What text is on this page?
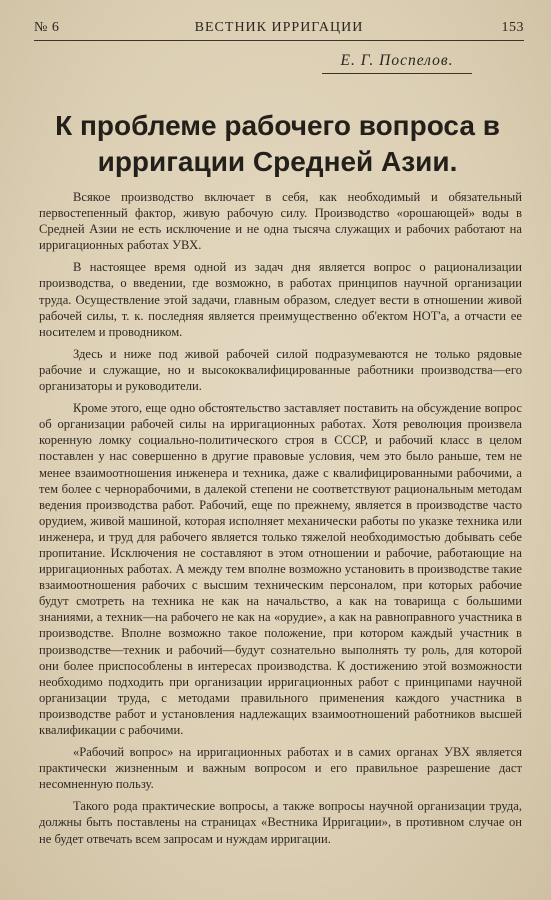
ВЕСТНИК ИРРИГАЦИИ
№ 6	153
Е. Г. Поспелов.
К проблеме рабочего вопроса в ирригации Средней Азии.

Всякое производство включает в себя, как необходимый и обязательный первостепенный фактор, живую рабочую силу. Производство «орошающей» воды в Средней Азии не есть исключение и не одна тысяча служащих и рабочих работают на ирригационных работах УВХ.

В настоящее время одной из задач дня является вопрос о рационализации производства, о введении, где возможно, в работах принципов научной организации труда. Осуществление этой задачи, главным образом, следует вести в отношении живой рабочей силы, т. к. последняя является преимущественно об'ектом НОТ'а, а отчасти ее носителем и проводником.

Здесь и ниже под живой рабочей силой подразумеваются не только рядовые рабочие и служащие, но и высококвалифицированные работники производства—его организаторы и руководители.

Кроме этого, еще одно обстоятельство заставляет поставить на обсуждение вопрос об организации рабочей силы на ирригационных работах. Хотя революция произвела коренную ломку социально-политического строя в СССР, и рабочий класс в целом поставлен у нас совершенно в другие правовые условия, чем это было раньше, тем не менее взаимоотношения инженера и техника, даже с квалифицированными рабочими, а тем более с чернорабочими, в далекой степени не соответствуют рациональным методам ведения производства работ. Рабочий, еще по прежнему, является в производстве часто орудием, живой машиной, которая исполняет механически работы по указке техника или инженера, и труд для рабочего является только тяжелой необходимостью добывать себе пропитание. Исключения не составляют в этом отношении и рабочие, работающие на ирригационных работах. А между тем вполне возможно установить в производстве такие взаимоотношения рабочих с высшим техническим персоналом, при которых рабочие будут смотреть на техника не как на начальство, а как на товарища с большими знаниями, а техник—на рабочего не как на «орудие», а как на равноправного участника в производстве. Вполне возможно такое положение, при котором каждый участник в производстве—техник и рабочий—будут сознательно выполнять ту роль, для которой они более приспособлены в интересах производства. К достижению этой возможности необходимо подходить при организации ирригационных работ с принципами научной организации труда, с методами правильного применения каждого участника в производстве работ и установления надлежащих взаимоотношений работников высшей квалификации с рабочими.

«Рабочий вопрос» на ирригационных работах и в самих органах УВХ является практически жизненным и важным вопросом и его правильное разрешение даст несомненную пользу.

Такого рода практические вопросы, а также вопросы научной организации труда, должны быть поставлены на страницах «Вестника Ирригации», в противном случае он не будет отвечать всем запросам и нуждам ирригации.
